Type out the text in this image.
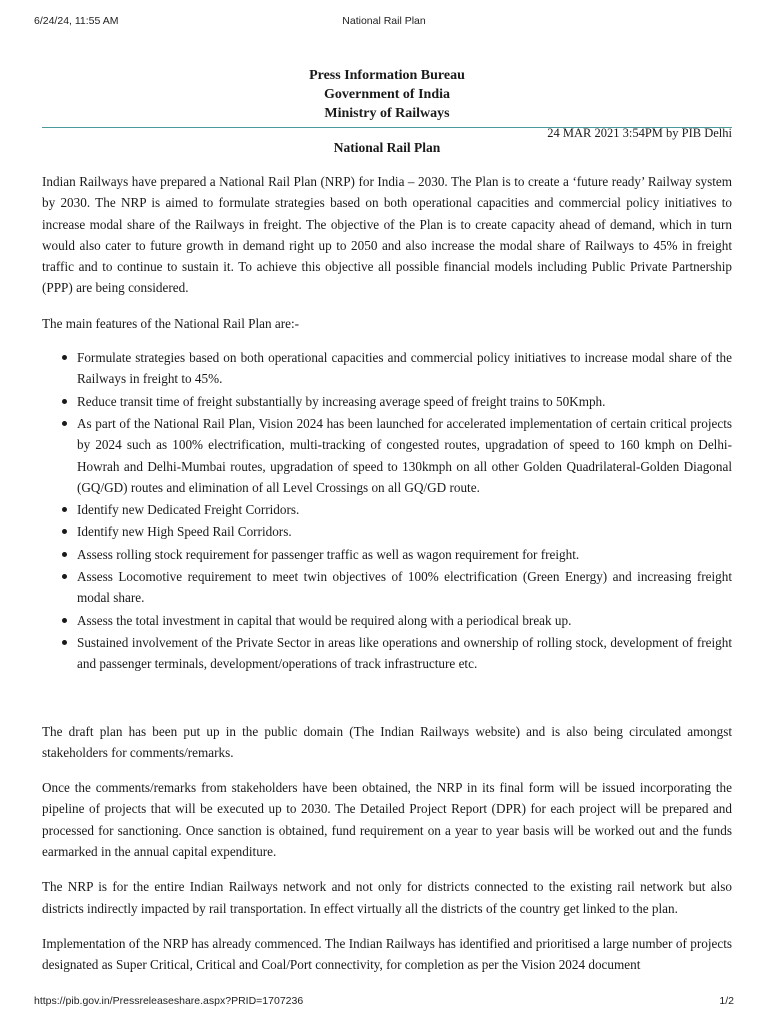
6/24/24, 11:55 AM	National Rail Plan
Press Information Bureau
Government of India
Ministry of Railways
24 MAR 2021 3:54PM by PIB Delhi
National Rail Plan

Indian Railways have prepared a National Rail Plan (NRP) for India – 2030. The Plan is to create a ‘future ready’ Railway system by 2030. The NRP is aimed to formulate strategies based on both operational capacities and commercial policy initiatives to increase modal share of the Railways in freight. The objective of the Plan is to create capacity ahead of demand, which in turn would also cater to future growth in demand right up to 2050 and also increase the modal share of Railways to 45% in freight traffic and to continue to sustain it. To achieve this objective all possible financial models including Public Private Partnership (PPP) are being considered.

The main features of the National Rail Plan are:-

Formulate strategies based on both operational capacities and commercial policy initiatives to increase modal share of the Railways in freight to 45%.
Reduce transit time of freight substantially by increasing average speed of freight trains to 50Kmph.
As part of the National Rail Plan, Vision 2024 has been launched for accelerated implementation of certain critical projects by 2024 such as 100% electrification, multi-tracking of congested routes, upgradation of speed to 160 kmph on Delhi-Howrah and Delhi-Mumbai routes, upgradation of speed to 130kmph on all other Golden Quadrilateral-Golden Diagonal (GQ/GD) routes and elimination of all Level Crossings on all GQ/GD route.
Identify new Dedicated Freight Corridors.
Identify new High Speed Rail Corridors.
Assess rolling stock requirement for passenger traffic as well as wagon requirement for freight.
Assess Locomotive requirement to meet twin objectives of 100% electrification (Green Energy) and increasing freight modal share.
Assess the total investment in capital that would be required along with a periodical break up.
Sustained involvement of the Private Sector in areas like operations and ownership of rolling stock, development of freight and passenger terminals, development/operations of track infrastructure etc.

The draft plan has been put up in the public domain (The Indian Railways website) and is also being circulated amongst stakeholders for comments/remarks.

Once the comments/remarks from stakeholders have been obtained, the NRP in its final form will be issued incorporating the pipeline of projects that will be executed up to 2030. The Detailed Project Report (DPR) for each project will be prepared and processed for sanctioning. Once sanction is obtained, fund requirement on a year to year basis will be worked out and the funds earmarked in the annual capital expenditure.

The NRP is for the entire Indian Railways network and not only for districts connected to the existing rail network but also districts indirectly impacted by rail transportation. In effect virtually all the districts of the country get linked to the plan.

Implementation of the NRP has already commenced. The Indian Railways has identified and prioritised a large number of projects designated as Super Critical, Critical and Coal/Port connectivity, for completion as per the Vision 2024 document

https://pib.gov.in/Pressreleaseshare.aspx?PRID=1707236	1/2
